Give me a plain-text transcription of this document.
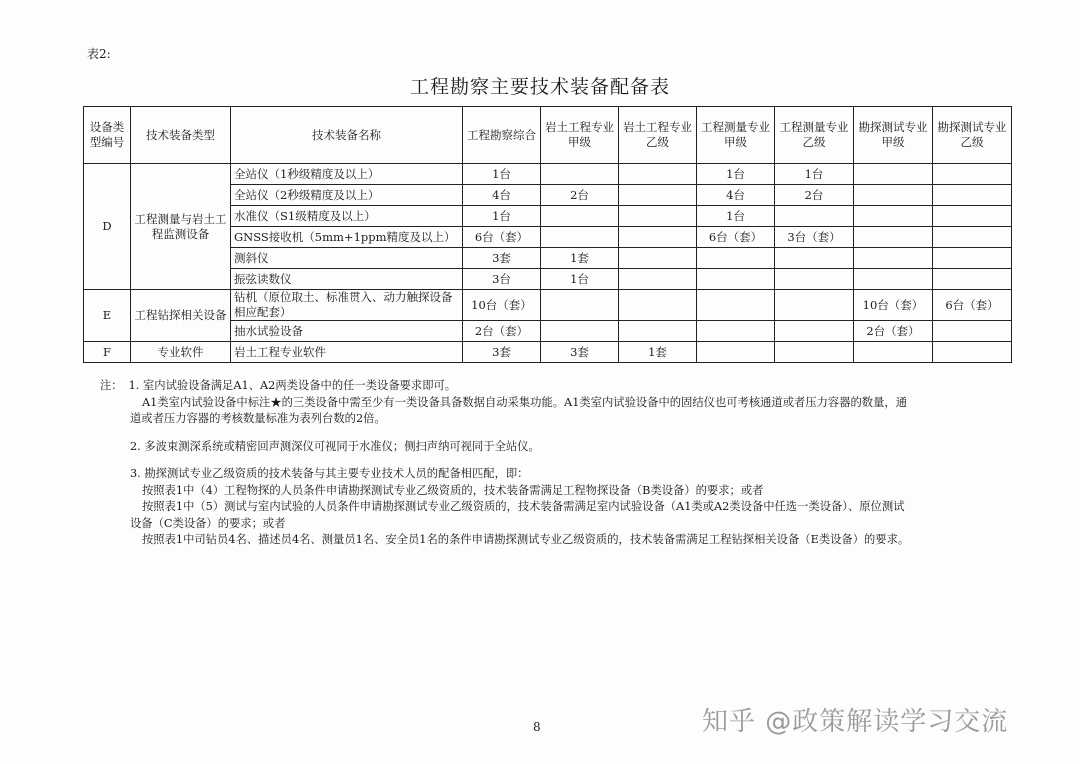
表2:
工程勘察主要技术装备配备表
设备类型编号	技术装备类型	技术装备名称	工程勘察综合	岩土工程专业甲级	岩土工程专业乙级	工程测量专业甲级	工程测量专业乙级	勘探测试专业甲级	勘探测试专业乙级
D	工程测量与岩土工程监测设备	全站仪（1秒级精度及以上）	1台			1台	1台		
		全站仪（2秒级精度及以上）	4台	2台		4台	2台		
		水准仪（S1级精度及以上）	1台			1台			
		GNSS接收机（5mm+1ppm精度及以上）	6台（套）			6台（套）	3台（套）		
		测斜仪	3套	1套					
		振弦读数仪	3台	1台					
E	工程钻探相关设备	钻机（原位取土、标准贯入、动力触探设备相应配套）	10台（套）					10台（套）	6台（套）
		抽水试验设备	2台（套）					2台（套）	
F	专业软件	岩土工程专业软件	3套	3套	1套				

注： 1. 室内试验设备满足A1、A2两类设备中的任一类设备要求即可。

A1类室内试验设备中标注★的三类设备中需至少有一类设备具备数据自动采集功能。A1类室内试验设备中的固结仪也可考核通道或者压力容器的数量，通

道或者压力容器的考核数量标准为表列台数的2倍。

2. 多波束测深系统或精密回声测深仪可视同于水准仪；侧扫声纳可视同于全站仪。

3. 勘探测试专业乙级资质的技术装备与其主要专业技术人员的配备相匹配，即：

按照表1中（4）工程物探的人员条件申请勘探测试专业乙级资质的，技术装备需满足工程物探设备（B类设备）的要求；或者

按照表1中（5）测试与室内试验的人员条件申请勘探测试专业乙级资质的，技术装备需满足室内试验设备（A1类或A2类设备中任选一类设备）、原位测试

设备（C类设备）的要求；或者

按照表1中司钻员4名、描述员4名、测量员1名、安全员1名的条件申请勘探测试专业乙级资质的，技术装备需满足工程钻探相关设备（E类设备）的要求。

8	知乎 @政策解读学习交流
